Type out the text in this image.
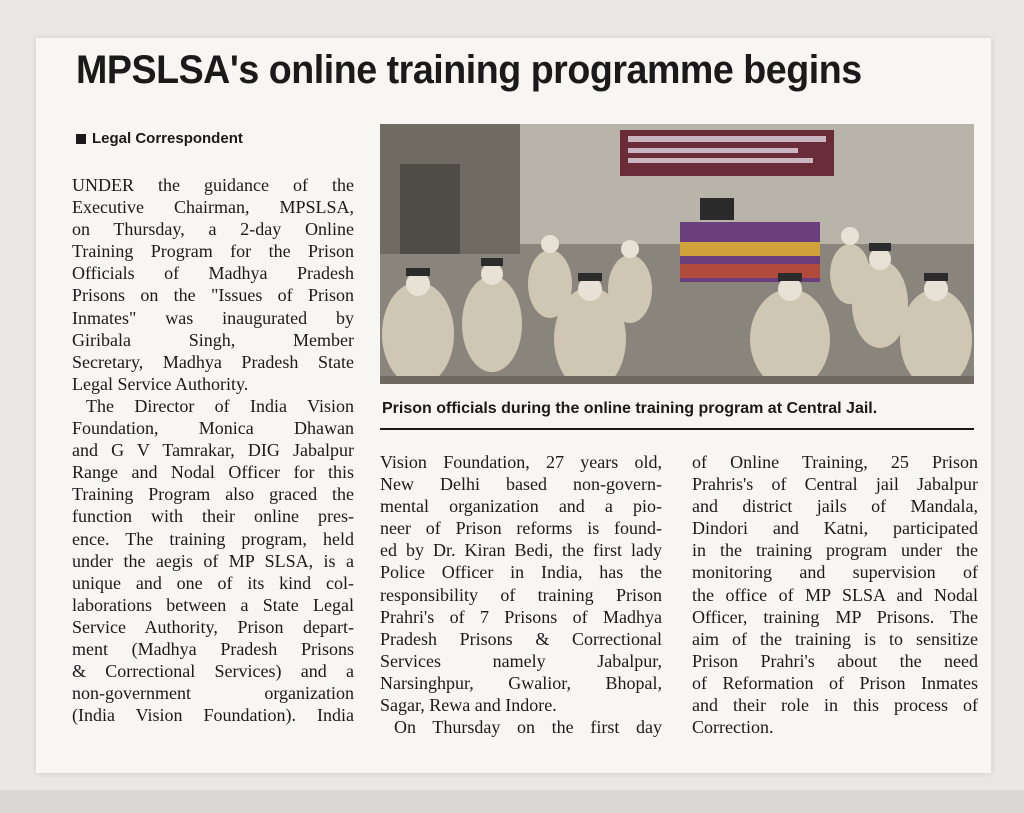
MPSLSA's online training programme begins
Legal Correspondent
Prison officials during the online training program at Central Jail.
UNDER the guidance of the
Executive Chairman, MPSLSA,
on Thursday, a 2-day Online
Training Program for the Prison
Officials of Madhya Pradesh
Prisons on the "Issues of Prison
Inmates" was inaugurated by
Giribala Singh, Member
Secretary, Madhya Pradesh State
Legal Service Authority.
The Director of India Vision
Foundation, Monica Dhawan
and G V Tamrakar, DIG Jabalpur
Range and Nodal Officer for this
Training Program also graced the
function with their online pres-
ence. The training program, held
under the aegis of MP SLSA, is a
unique and one of its kind col-
laborations between a State Legal
Service Authority, Prison depart-
ment (Madhya Pradesh Prisons
& Correctional Services) and a
non-government organization
(India Vision Foundation). India
Vision Foundation, 27 years old,
New Delhi based non-govern-
mental organization and a pio-
neer of Prison reforms is found-
ed by Dr. Kiran Bedi, the first lady
Police Officer in India, has the
responsibility of training Prison
Prahri's of 7 Prisons of Madhya
Pradesh Prisons & Correctional
Services namely Jabalpur,
Narsinghpur, Gwalior, Bhopal,
Sagar, Rewa and Indore.
On Thursday on the first day
of Online Training, 25 Prison
Prahris's of Central jail Jabalpur
and district jails of Mandala,
Dindori and Katni, participated
in the training program under the
monitoring and supervision of
the office of MP SLSA and Nodal
Officer, training MP Prisons. The
aim of the training is to sensitize
Prison Prahri's about the need
of Reformation of Prison Inmates
and their role in this process of
Correction.
